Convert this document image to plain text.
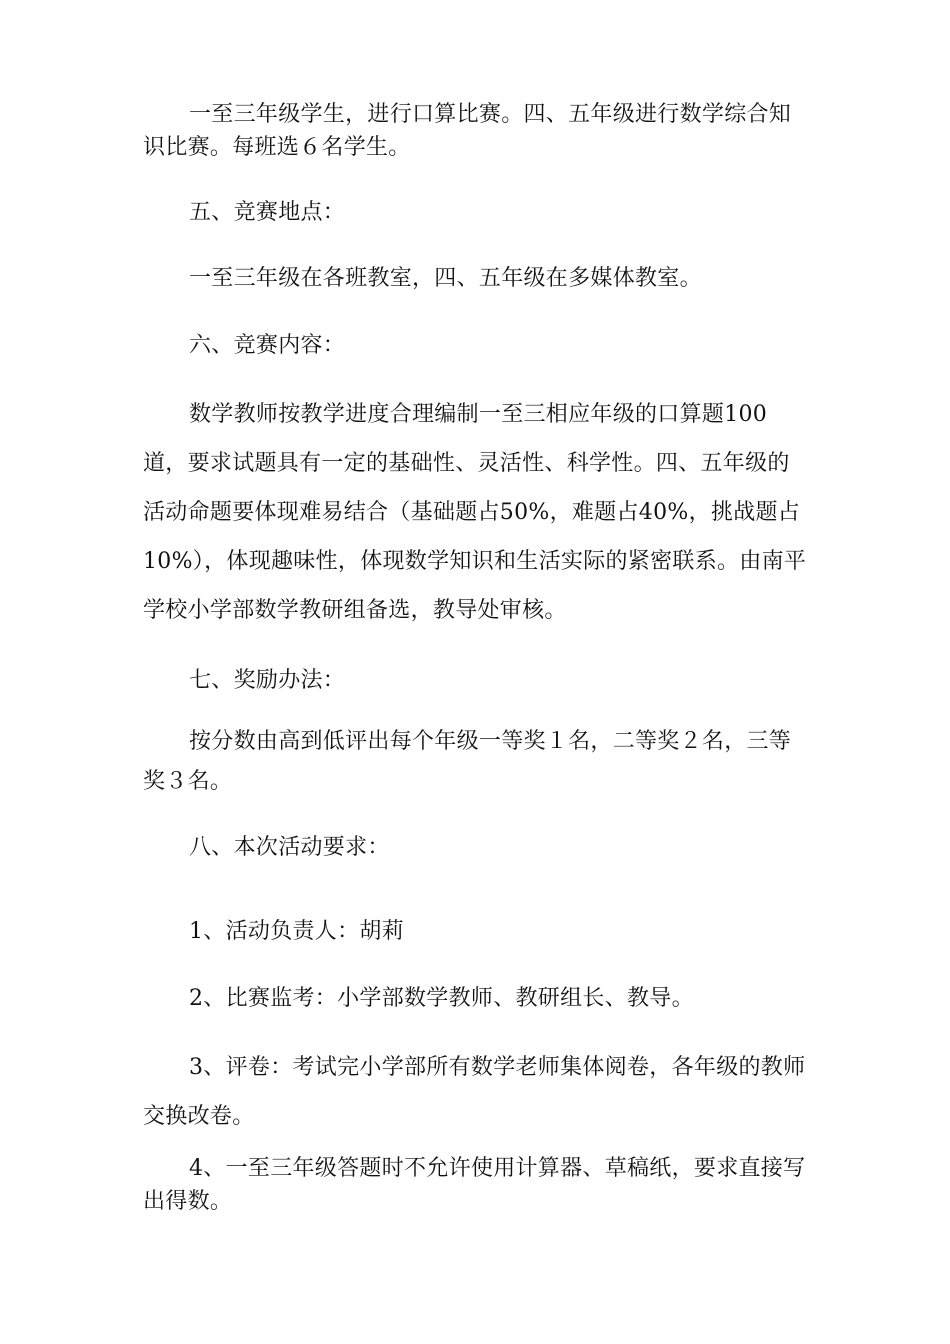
一至三年级学生，进行口算比赛。四、五年级进行数学综合知识比赛。每班选６名学生。

五、竞赛地点：

一至三年级在各班教室，四、五年级在多媒体教室。

六、竞赛内容：

数学教师按教学进度合理编制一至三相应年级的口算题100道，要求试题具有一定的基础性、灵活性、科学性。四、五年级的活动命题要体现难易结合（基础题占50%，难题占40%，挑战题占10%），体现趣味性，体现数学知识和生活实际的紧密联系。由南平学校小学部数学教研组备选，教导处审核。

七、奖励办法：

按分数由高到低评出每个年级一等奖１名，二等奖２名，三等奖３名。

八、本次活动要求：

1、活动负责人：胡莉

2、比赛监考：小学部数学教师、教研组长、教导。

3、评卷：考试完小学部所有数学老师集体阅卷，各年级的教师交换改卷。

4、一至三年级答题时不允许使用计算器、草稿纸，要求直接写出得数。
